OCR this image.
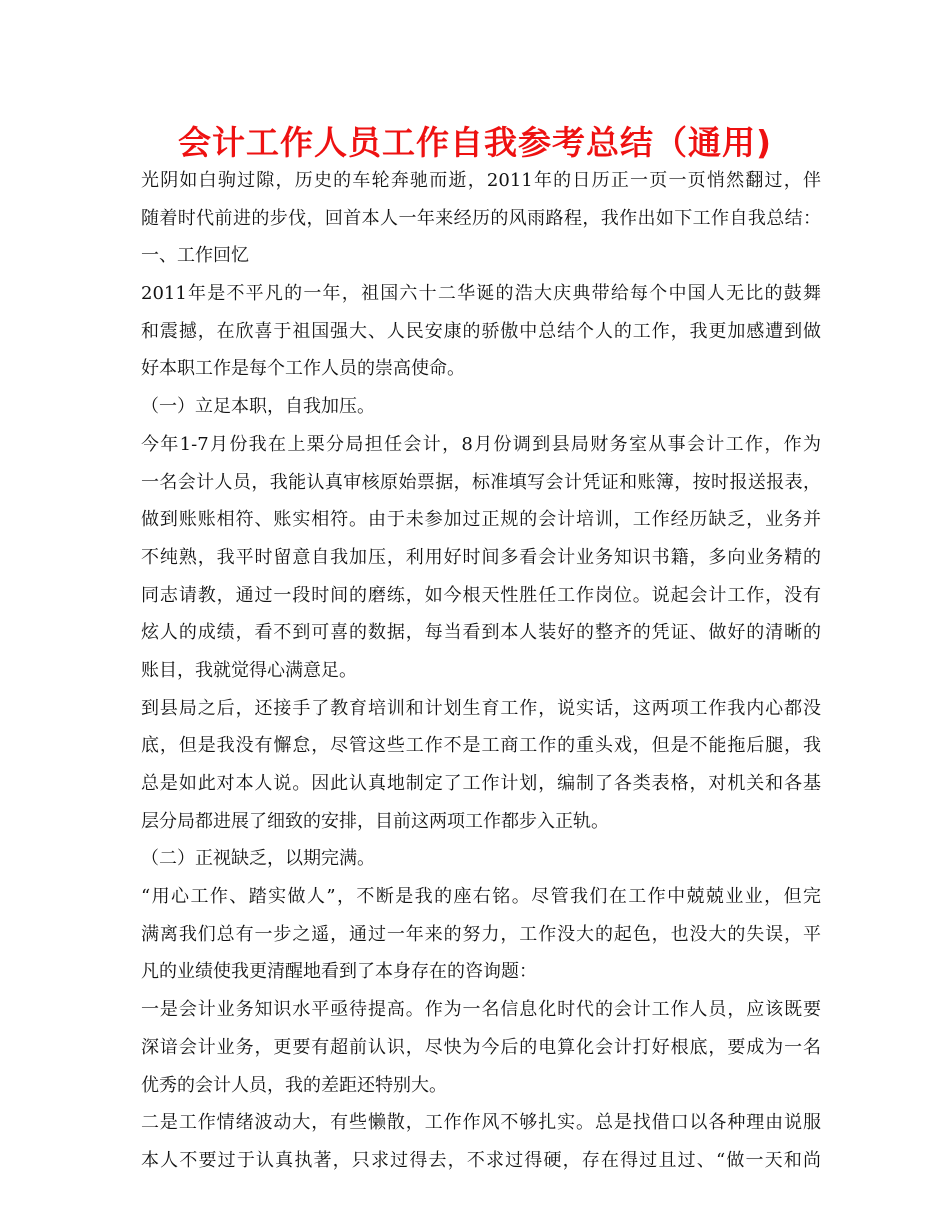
会计工作人员工作自我参考总结（通用)
光阴如白驹过隙，历史的车轮奔驰而逝，2011年的日历正一页一页悄然翻过，伴
随着时代前进的步伐，回首本人一年来经历的风雨路程，我作出如下工作自我总结：
一、工作回忆
2011年是不平凡的一年，祖国六十二华诞的浩大庆典带给每个中国人无比的鼓舞
和震撼，在欣喜于祖国强大、人民安康的骄傲中总结个人的工作，我更加感遭到做
好本职工作是每个工作人员的崇高使命。
（一）立足本职，自我加压。
今年1-7月份我在上栗分局担任会计，8月份调到县局财务室从事会计工作，作为
一名会计人员，我能认真审核原始票据，标准填写会计凭证和账簿，按时报送报表，
做到账账相符、账实相符。由于未参加过正规的会计培训，工作经历缺乏，业务并
不纯熟，我平时留意自我加压，利用好时间多看会计业务知识书籍，多向业务精的
同志请教，通过一段时间的磨练，如今根天性胜任工作岗位。说起会计工作，没有
炫人的成绩，看不到可喜的数据，每当看到本人装好的整齐的凭证、做好的清晰的
账目，我就觉得心满意足。
到县局之后，还接手了教育培训和计划生育工作，说实话，这两项工作我内心都没
底，但是我没有懈怠，尽管这些工作不是工商工作的重头戏，但是不能拖后腿，我
总是如此对本人说。因此认真地制定了工作计划，编制了各类表格，对机关和各基
层分局都进展了细致的安排，目前这两项工作都步入正轨。
（二）正视缺乏，以期完满。
“用心工作、踏实做人”，不断是我的座右铭。尽管我们在工作中兢兢业业，但完
满离我们总有一步之遥，通过一年来的努力，工作没大的起色，也没大的失误，平
凡的业绩使我更清醒地看到了本身存在的咨询题：
一是会计业务知识水平亟待提高。作为一名信息化时代的会计工作人员，应该既要
深谙会计业务，更要有超前认识，尽快为今后的电算化会计打好根底，要成为一名
优秀的会计人员，我的差距还特别大。
二是工作情绪波动大，有些懒散，工作作风不够扎实。总是找借口以各种理由说服
本人不要过于认真执著，只求过得去，不求过得硬，存在得过且过、“做一天和尚
